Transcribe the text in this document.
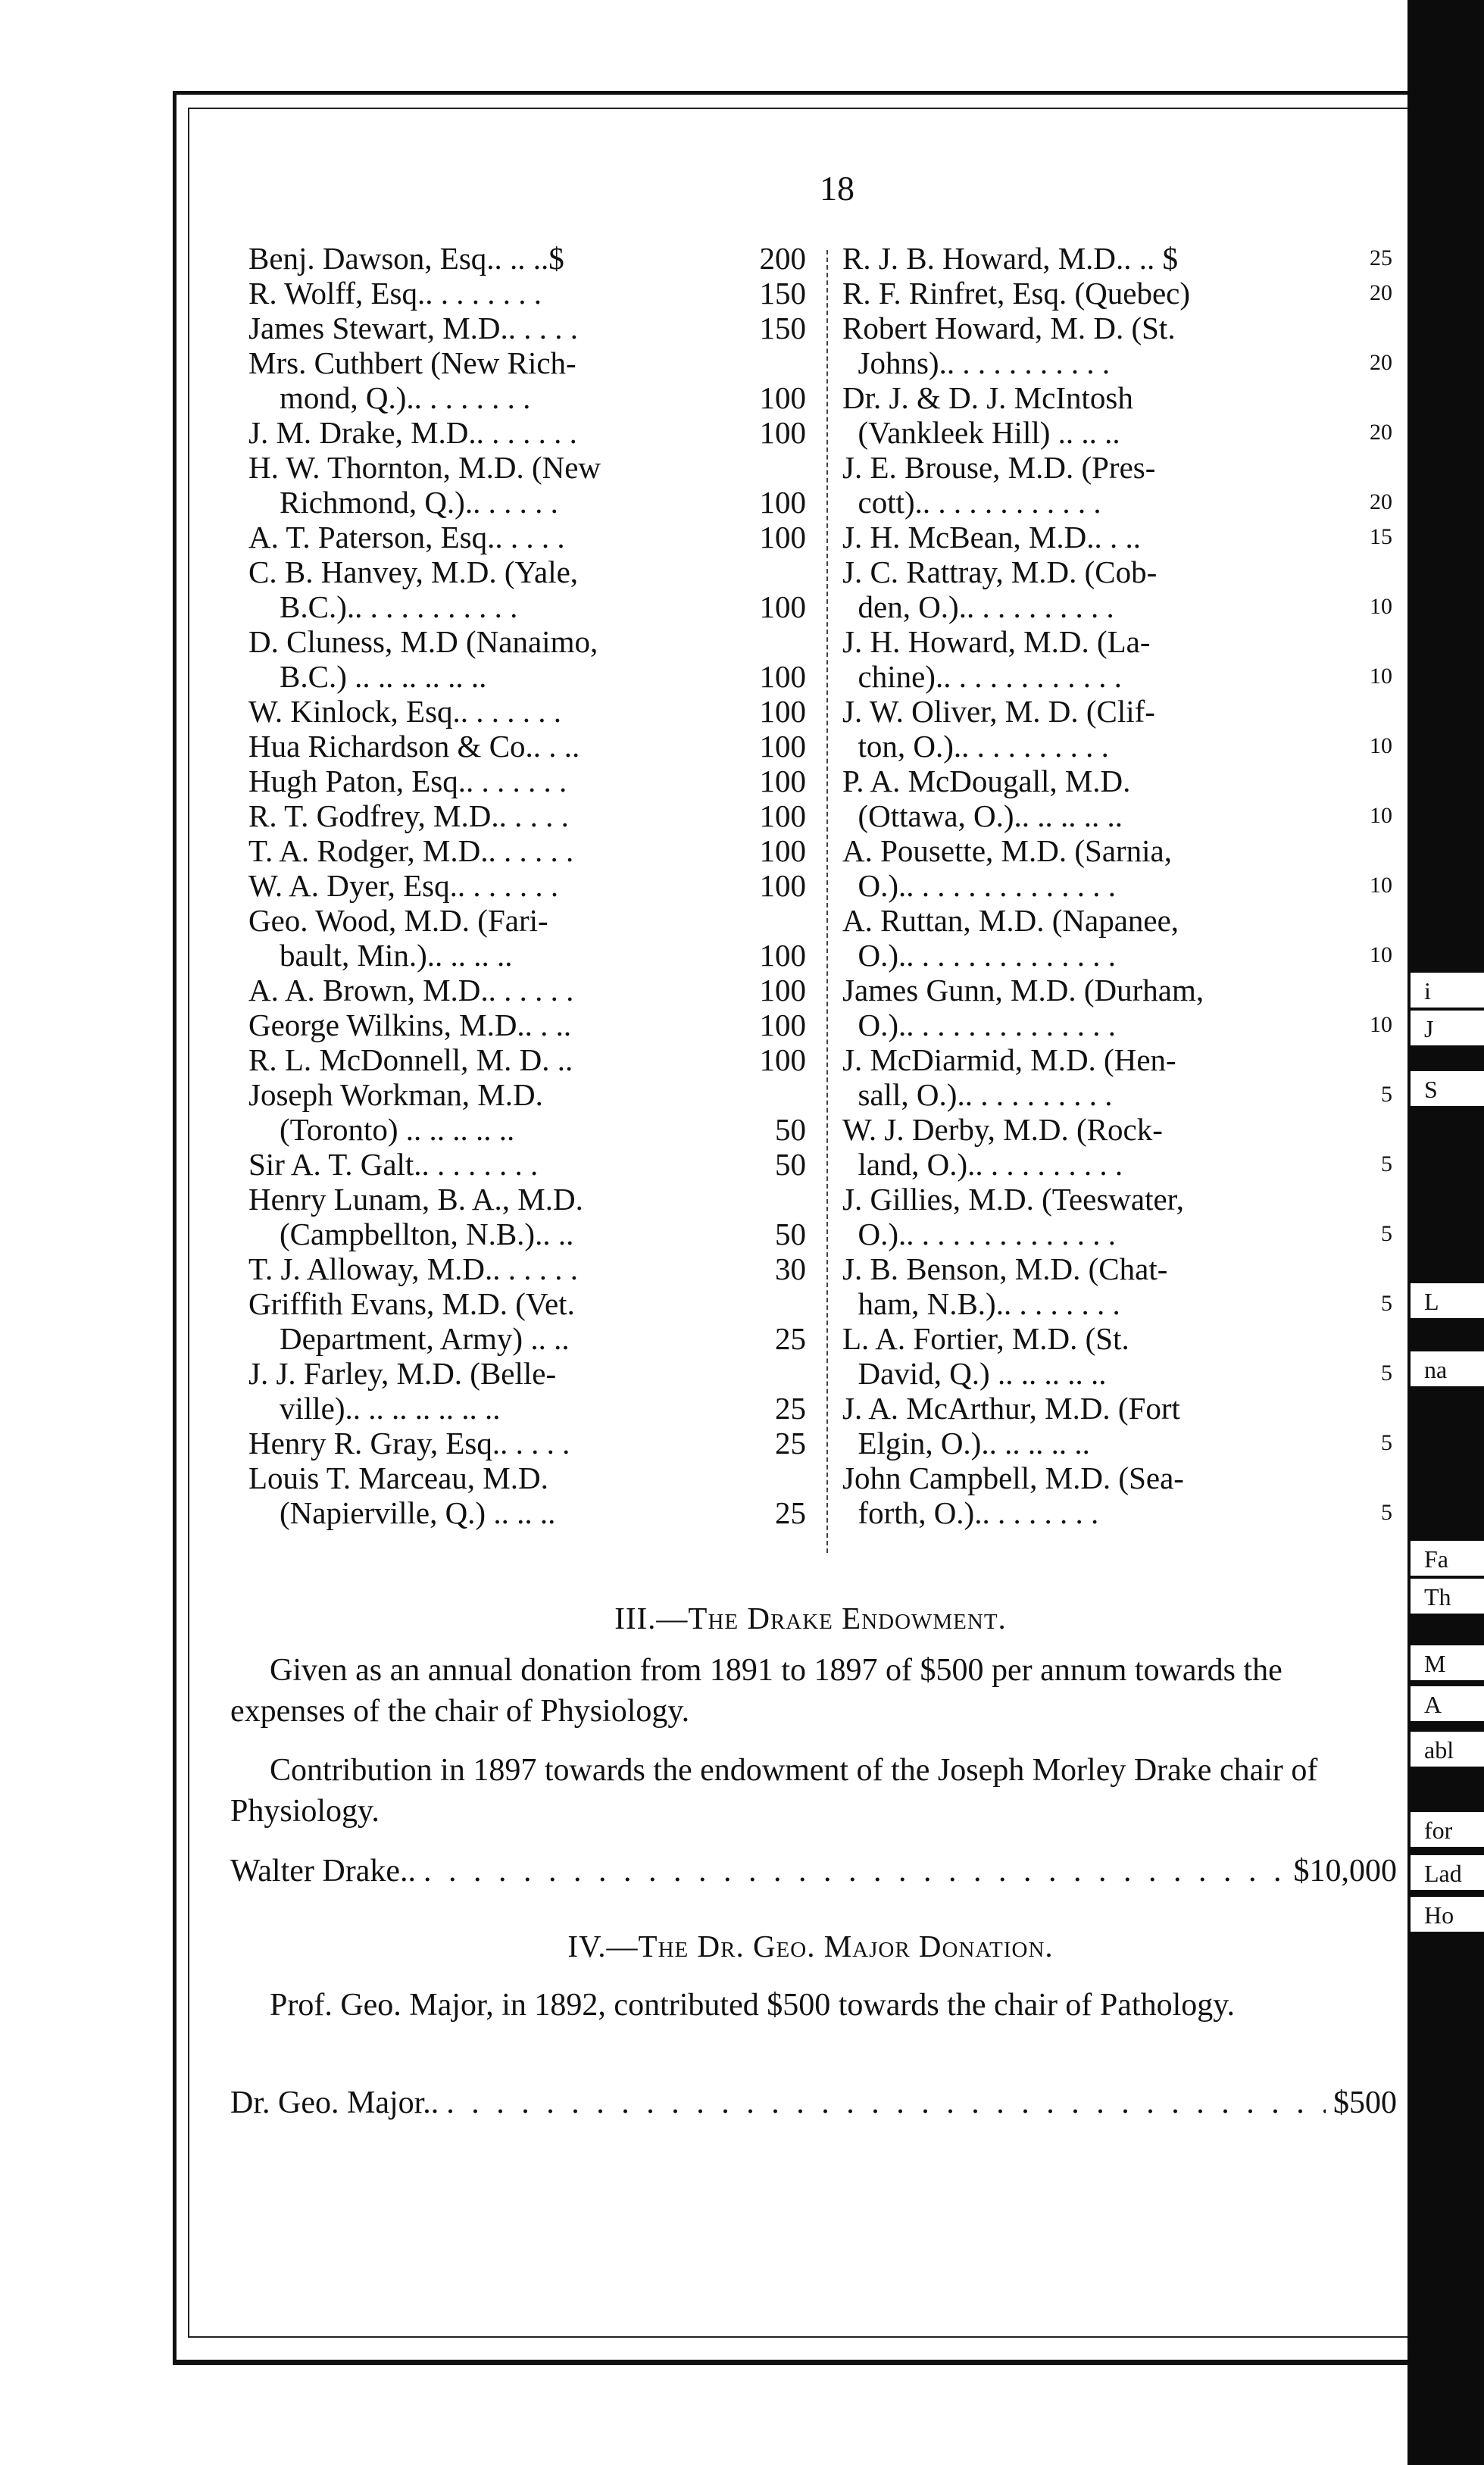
18
Benj. Dawson, Esq.. .. ..$	200
R. Wolff, Esq.. . . . . . . .	150
James Stewart, M.D.. . . . .	150
Mrs. Cuthbert (New Rich-
mond, Q.).. . . . . . . .	100
J. M. Drake, M.D.. . . . . . .	100
H. W. Thornton, M.D. (New
Richmond, Q.).. . . . . .	100
A. T. Paterson, Esq.. . . . .	100
C. B. Hanvey, M.D. (Yale,
B.C.).. . . . . . . . . . .	100
D. Cluness, M.D (Nanaimo,
B.C.) .. .. .. .. .. ..	100
W. Kinlock, Esq.. . . . . . .	100
Hua Richardson & Co.. . ..	100
Hugh Paton, Esq.. . . . . . .	100
R. T. Godfrey, M.D.. . . . .	100
T. A. Rodger, M.D.. . . . . .	100
W. A. Dyer, Esq.. . . . . . .	100
Geo. Wood, M.D. (Fari-
bault, Min.).. .. .. ..	100
A. A. Brown, M.D.. . . . . .	100
George Wilkins, M.D.. . ..	100
R. L. McDonnell, M. D. ..	100
Joseph Workman, M.D.
(Toronto) .. .. .. .. ..	50
Sir A. T. Galt.. . . . . . . .	50
Henry Lunam, B. A., M.D.
(Campbellton, N.B.).. ..	50
T. J. Alloway, M.D.. . . . . .	30
Griffith Evans, M.D. (Vet.
Department, Army) .. ..	25
J. J. Farley, M.D. (Belle-
ville).. .. .. .. .. .. ..	25
Henry R. Gray, Esq.. . . . .	25
Louis T. Marceau, M.D.
(Napierville, Q.) .. .. ..	25
R. J. B. Howard, M.D.. .. $	25
R. F. Rinfret, Esq. (Quebec)	20
Robert Howard, M. D. (St.
Johns).. . . . . . . . . . .	20
Dr. J. & D. J. McIntosh
(Vankleek Hill) .. .. ..	20
J. E. Brouse, M.D. (Pres-
cott).. . . . . . . . . . . .	20
J. H. McBean, M.D.. . ..	15
J. C. Rattray, M.D. (Cob-
den, O.).. . . . . . . . . .	10
J. H. Howard, M.D. (La-
chine).. . . . . . . . . . . .	10
J. W. Oliver, M. D. (Clif-
ton, O.).. . . . . . . . . .	10
P. A. McDougall, M.D.
(Ottawa, O.).. .. .. .. ..	10
A. Pousette, M.D. (Sarnia,
O.).. . . . . . . . . . . . . .	10
A. Ruttan, M.D. (Napanee,
O.).. . . . . . . . . . . . . .	10
James Gunn, M.D. (Durham,
O.).. . . . . . . . . . . . . .	10
J. McDiarmid, M.D. (Hen-
sall, O.).. . . . . . . . . .	5
W. J. Derby, M.D. (Rock-
land, O.).. . . . . . . . . .	5
J. Gillies, M.D. (Teeswater,
O.).. . . . . . . . . . . . . .	5
J. B. Benson, M.D. (Chat-
ham, N.B.).. . . . . . . .	5
L. A. Fortier, M.D. (St.
David, Q.) .. .. .. .. ..	5
J. A. McArthur, M.D. (Fort
Elgin, O.).. .. .. .. ..	5
John Campbell, M.D. (Sea-
forth, O.).. . . . . . . .	5
III.—The Drake Endowment.
Given as an annual donation from 1891 to 1897 of $500 per annum towards the expenses of the chair of Physiology.
Contribution in 1897 towards the endowment of the Joseph Morley Drake chair of Physiology.
Walter Drake.. . . .	$10,000
IV.—The Dr. Geo. Major Donation.
Prof. Geo. Major, in 1892, contributed $500 towards the chair of Pathology.
Dr. Geo. Major.. . . .	$500
i
J
S
L
na
Fa
Th
M
A
abl
for
Lad
Ho
